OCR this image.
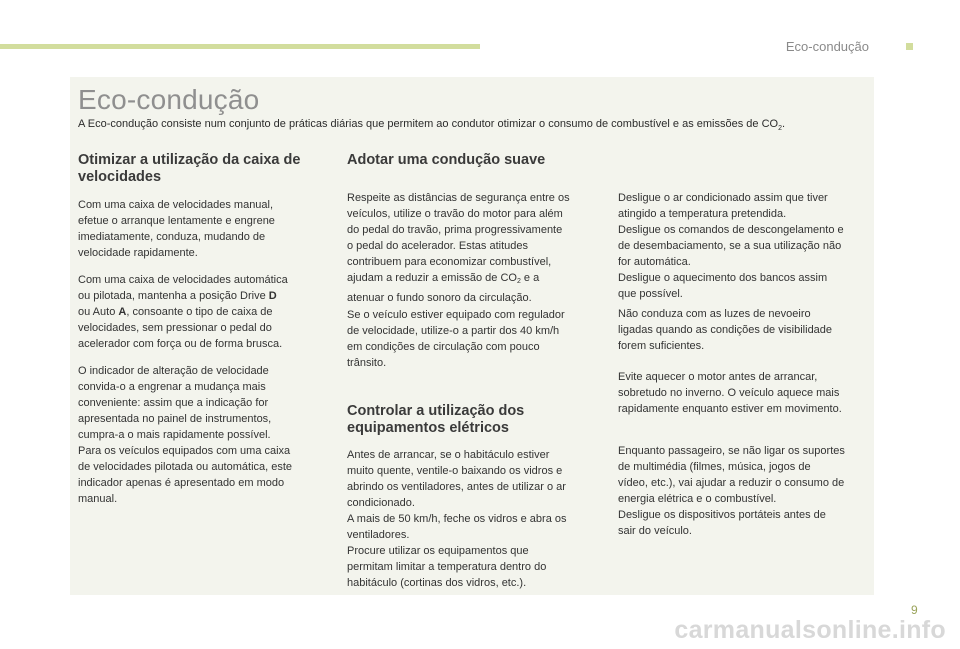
Eco-condução
Eco-condução
A Eco-condução consiste num conjunto de práticas diárias que permitem ao condutor otimizar o consumo de combustível e as emissões de $CO_2$.
Otimizar a utilização da caixa de
velocidades

Com uma caixa de velocidades manual,

efetue o arranque lentamente e engrene

imediatamente, conduza, mudando de

velocidade rapidamente.

Com uma caixa de velocidades automática

ou pilotada, mantenha a posição Drive D

ou Auto A, consoante o tipo de caixa de

velocidades, sem pressionar o pedal do

acelerador com força ou de forma brusca.

O indicador de alteração de velocidade

convida-o a engrenar a mudança mais

conveniente: assim que a indicação for

apresentada no painel de instrumentos,

cumpra-a o mais rapidamente possível.

Para os veículos equipados com uma caixa

de velocidades pilotada ou automática, este

indicador apenas é apresentado em modo

manual.

Adotar uma condução suave

Respeite as distâncias de segurança entre os

veículos, utilize o travão do motor para além

do pedal do travão, prima progressivamente

o pedal do acelerador. Estas atitudes

contribuem para economizar combustível,

ajudam a reduzir a emissão de $CO_2$ e a

atenuar o fundo sonoro da circulação.

Se o veículo estiver equipado com regulador

de velocidade, utilize-o a partir dos 40 km/h

em condições de circulação com pouco

trânsito.

Controlar a utilização dos
equipamentos elétricos

Antes de arrancar, se o habitáculo estiver

muito quente, ventile-o baixando os vidros e

abrindo os ventiladores, antes de utilizar o ar

condicionado.

A mais de 50 km/h, feche os vidros e abra os

ventiladores.

Procure utilizar os equipamentos que

permitam limitar a temperatura dentro do

habitáculo (cortinas dos vidros, etc.).

Desligue o ar condicionado assim que tiver

atingido a temperatura pretendida.

Desligue os comandos de descongelamento e

de desembaciamento, se a sua utilização não

for automática.

Desligue o aquecimento dos bancos assim

que possível.

Não conduza com as luzes de nevoeiro

ligadas quando as condições de visibilidade

forem suficientes.

Evite aquecer o motor antes de arrancar,

sobretudo no inverno. O veículo aquece mais

rapidamente enquanto estiver em movimento.

Enquanto passageiro, se não ligar os suportes

de multimédia (filmes, música, jogos de

vídeo, etc.), vai ajudar a reduzir o consumo de

energia elétrica e o combustível.

Desligue os dispositivos portáteis antes de

sair do veículo.

9
carmanualsonline.info
